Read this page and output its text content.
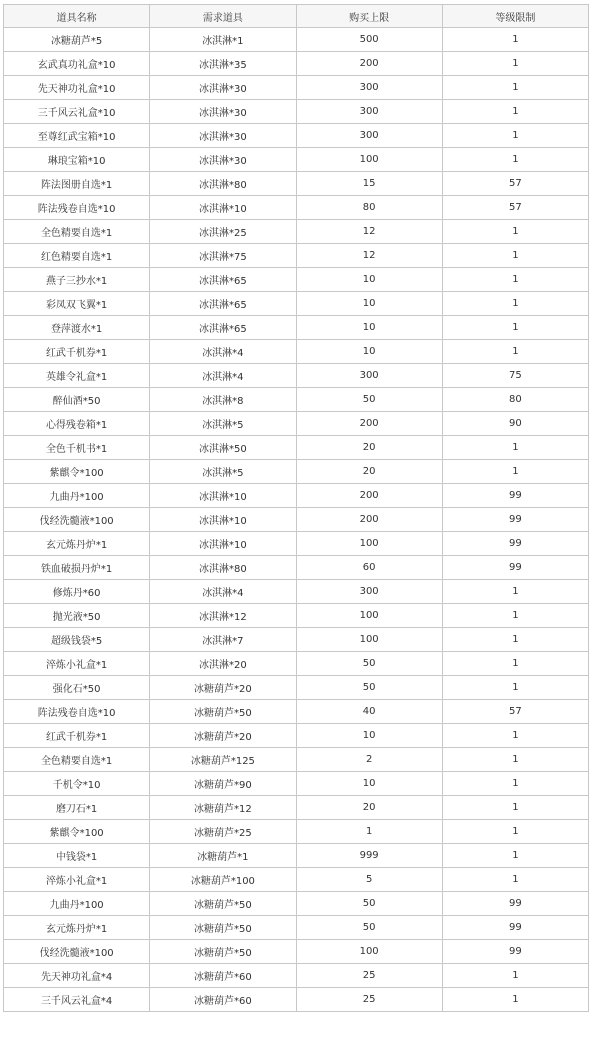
道具名称	需求道具	购买上限	等级限制
冰糖葫芦*5	冰淇淋*1	500	1
玄武真功礼盒*10	冰淇淋*35	200	1
先天神功礼盒*10	冰淇淋*30	300	1
三千风云礼盒*10	冰淇淋*30	300	1
至尊红武宝箱*10	冰淇淋*30	300	1
琳琅宝箱*10	冰淇淋*30	100	1
阵法图册自选*1	冰淇淋*80	15	57
阵法残卷自选*10	冰淇淋*10	80	57
全色精要自选*1	冰淇淋*25	12	1
红色精要自选*1	冰淇淋*75	12	1
燕子三抄水*1	冰淇淋*65	10	1
彩凤双飞翼*1	冰淇淋*65	10	1
登萍渡水*1	冰淇淋*65	10	1
红武千机券*1	冰淇淋*4	10	1
英雄令礼盒*1	冰淇淋*4	300	75
醉仙酒*50	冰淇淋*8	50	80
心得残卷箱*1	冰淇淋*5	200	90
全色千机书*1	冰淇淋*50	20	1
紫麒令*100	冰淇淋*5	20	1
九曲丹*100	冰淇淋*10	200	99
伐经洗髓液*100	冰淇淋*10	200	99
玄元炼丹炉*1	冰淇淋*10	100	99
铁血破损丹炉*1	冰淇淋*80	60	99
修炼丹*60	冰淇淋*4	300	1
抛光液*50	冰淇淋*12	100	1
超级钱袋*5	冰淇淋*7	100	1
淬炼小礼盒*1	冰淇淋*20	50	1
强化石*50	冰糖葫芦*20	50	1
阵法残卷自选*10	冰糖葫芦*50	40	57
红武千机券*1	冰糖葫芦*20	10	1
全色精要自选*1	冰糖葫芦*125	2	1
千机令*10	冰糖葫芦*90	10	1
磨刀石*1	冰糖葫芦*12	20	1
紫麒令*100	冰糖葫芦*25	1	1
中钱袋*1	冰糖葫芦*1	999	1
淬炼小礼盒*1	冰糖葫芦*100	5	1
九曲丹*100	冰糖葫芦*50	50	99
玄元炼丹炉*1	冰糖葫芦*50	50	99
伐经洗髓液*100	冰糖葫芦*50	100	99
先天神功礼盒*4	冰糖葫芦*60	25	1
三千风云礼盒*4	冰糖葫芦*60	25	1
